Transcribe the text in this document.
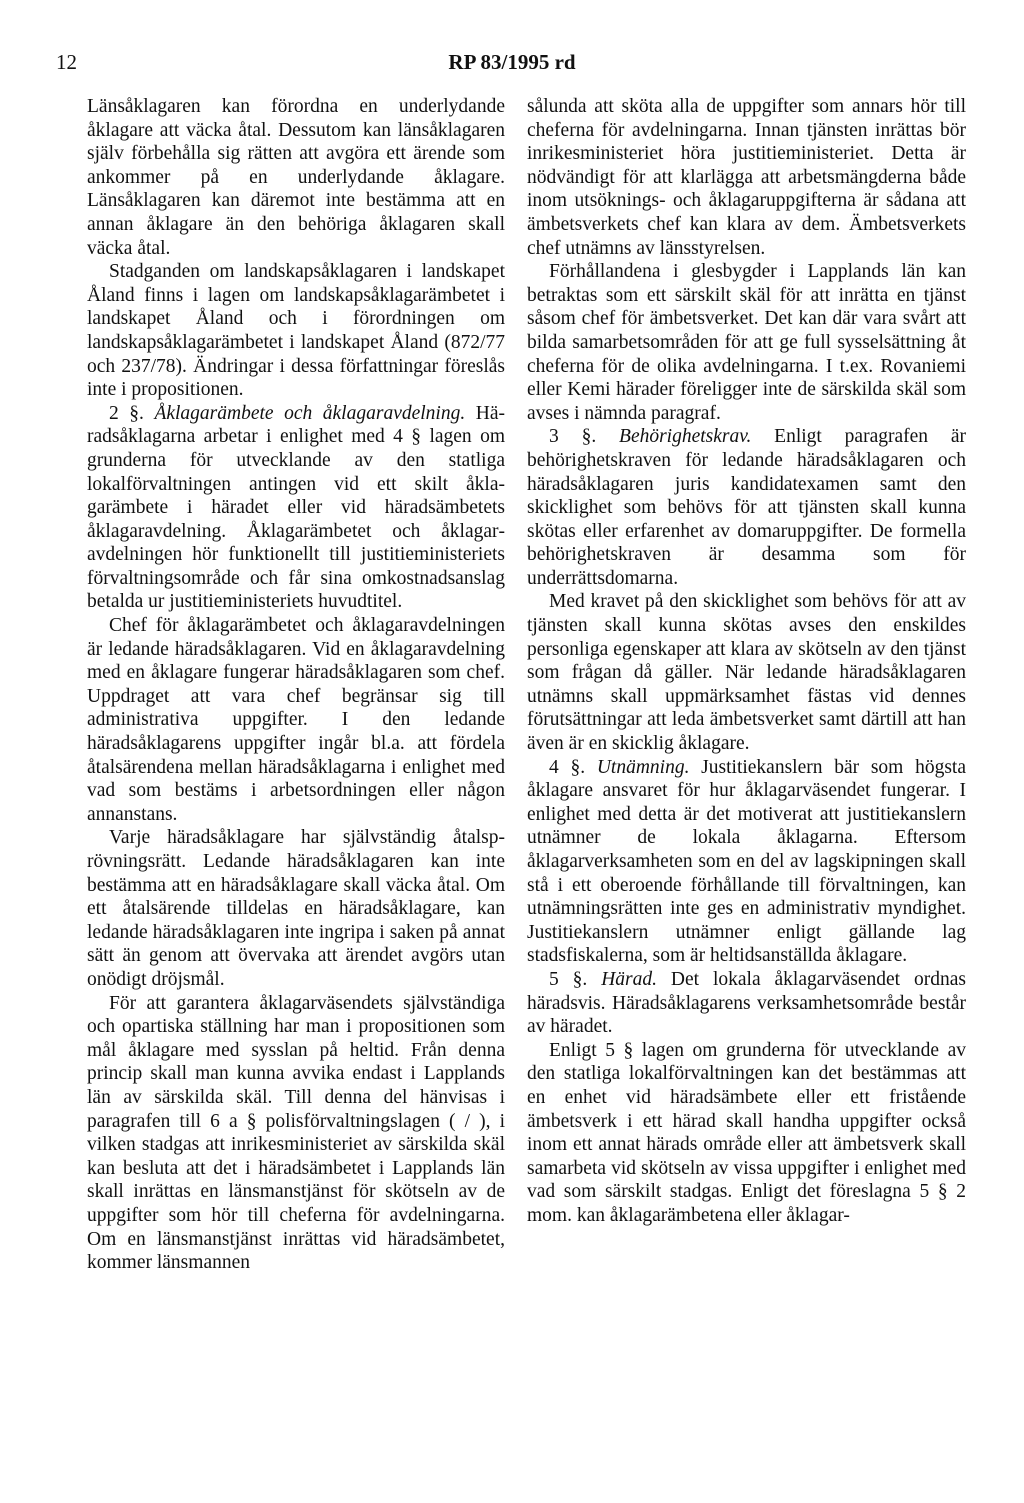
12	RP 83/1995 rd

Länsåklagaren kan förordna en underlydande åklagare att väcka åtal. Dessutom kan länsåklagaren själv förbehålla sig rätten att avgöra ett ärende som ankommer på en underlydande åklagare. Länsåklagaren kan däremot inte bestämma att en annan åklagare än den behöriga åklagaren skall väcka åtal.

Stadganden om landskapsåklagaren i landskapet Åland finns i lagen om landskapsåklagarämbetet i landskapet Åland och i förordningen om landskapsåklagarämbetet i landskapet Åland (872/77 och 237/78). Ändringar i dessa författningar föreslås inte i propositionen.

2 §. Åklagarämbete och åklagaravdelning. Häradsåklagarna arbetar i enlighet med 4 § lagen om grunderna för utvecklande av den statliga lokalförvaltningen antingen vid ett skilt åklagarämbete i häradet eller vid häradsämbetets åklagaravdelning. Åklagarämbetet och åklagaravdelningen hör funktionellt till justitieministeriets förvaltningsområde och får sina omkostnadsanslag betalda ur justitieministeriets huvudtitel.

Chef för åklagarämbetet och åklagaravdelningen är ledande häradsåklagaren. Vid en åklagaravdelning med en åklagare fungerar häradsåklagaren som chef. Uppdraget att vara chef begränsar sig till administrativa uppgifter. I den ledande häradsåklagarens uppgifter ingår bl.a. att fördela åtalsärendena mellan häradsåklagarna i enlighet med vad som bestäms i arbetsordningen eller någon annanstans.

Varje häradsåklagare har självständig åtalsprövningsrätt. Ledande häradsåklagaren kan inte bestämma att en häradsåklagare skall väcka åtal. Om ett åtalsärende tilldelas en häradsåklagare, kan ledande häradsåklagaren inte ingripa i saken på annat sätt än genom att övervaka att ärendet avgörs utan onödigt dröjsmål.

För att garantera åklagarväsendets självständiga och opartiska ställning har man i propositionen som mål åklagare med sysslan på heltid. Från denna princip skall man kunna avvika endast i Lapplands län av särskilda skäl. Till denna del hänvisas i paragrafen till 6 a § polisförvaltningslagen ( / ), i vilken stadgas att inrikesministeriet av särskilda skäl kan besluta att det i häradsämbetet i Lapplands län skall inrättas en länsmanstjänst för skötseln av de uppgifter som hör till cheferna för avdelningarna. Om en länsmanstjänst inrättas vid häradsämbetet, kommer länsmannen

sålunda att sköta alla de uppgifter som annars hör till cheferna för avdelningarna. Innan tjänsten inrättas bör inrikesministeriet höra justitieministeriet. Detta är nödvändigt för att klarlägga att arbetsmängderna både inom utsöknings- och åklagaruppgifterna är sådana att ämbetsverkets chef kan klara av dem. Ämbetsverkets chef utnämns av länsstyrelsen.

Förhållandena i glesbygder i Lapplands län kan betraktas som ett särskilt skäl för att inrätta en tjänst såsom chef för ämbetsverket. Det kan där vara svårt att bilda samarbetsområden för att ge full sysselsättning åt cheferna för de olika avdelningarna. I t.ex. Rovaniemi eller Kemi härader föreligger inte de särskilda skäl som avses i nämnda paragraf.

3 §. Behörighetskrav. Enligt paragrafen är behörighetskraven för ledande häradsåklagaren och häradsåklagaren juris kandidatexamen samt den skicklighet som behövs för att tjänsten skall kunna skötas eller erfarenhet av domaruppgifter. De formella behörighetskraven är desamma som för underrättsdomarna.

Med kravet på den skicklighet som behövs för att av tjänsten skall kunna skötas avses den enskildes personliga egenskaper att klara av skötseln av den tjänst som frågan då gäller. När ledande häradsåklagaren utnämns skall uppmärksamhet fästas vid dennes förutsättningar att leda ämbetsverket samt därtill att han även är en skicklig åklagare.

4 §. Utnämning. Justitiekanslern bär som högsta åklagare ansvaret för hur åklagarväsendet fungerar. I enlighet med detta är det motiverat att justitiekanslern utnämner de lokala åklagarna. Eftersom åklagarverksamheten som en del av lagskipningen skall stå i ett oberoende förhållande till förvaltningen, kan utnämningsrätten inte ges en administrativ myndighet. Justitiekanslern utnämner enligt gällande lag stadsfiskalerna, som är heltidsanställda åklagare.

5 §. Härad. Det lokala åklagarväsendet ordnas häradsvis. Häradsåklagarens verksamhetsområde består av häradet.

Enligt 5 § lagen om grunderna för utvecklande av den statliga lokalförvaltningen kan det bestämmas att en enhet vid häradsämbete eller ett fristående ämbetsverk i ett härad skall handha uppgifter också inom ett annat härads område eller att ämbetsverk skall samarbeta vid skötseln av vissa uppgifter i enlighet med vad som särskilt stadgas. Enligt det föreslagna 5 § 2 mom. kan åklagarämbetena eller åklagar-
